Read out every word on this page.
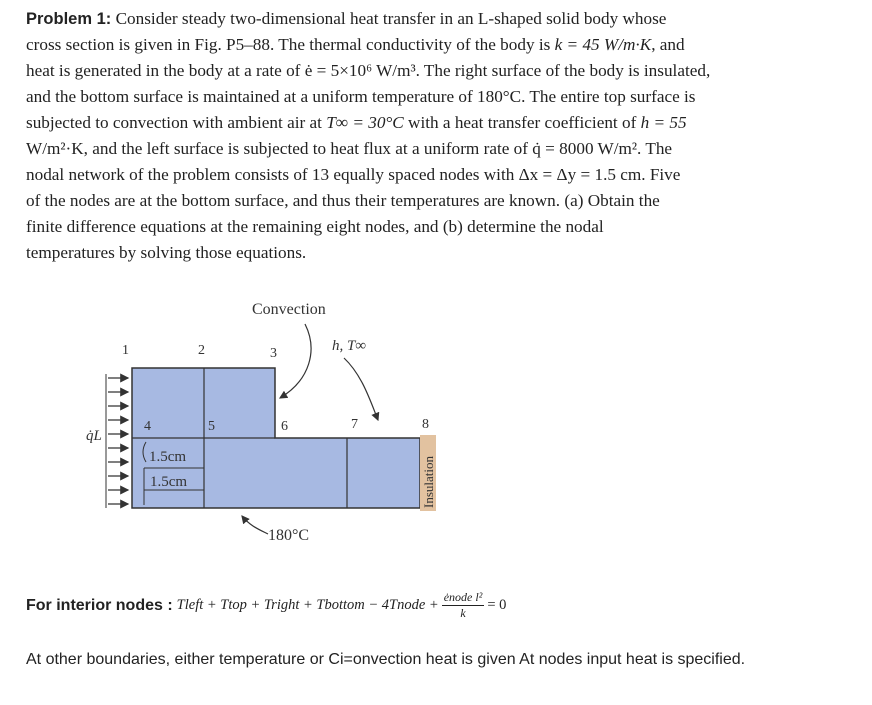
Problem 1: Consider steady two-dimensional heat transfer in an L-shaped solid body whose
cross section is given in Fig. P5–88. The thermal conductivity of the body is k = 45 W/m·K, and
heat is generated in the body at a rate of ė = 5×10⁶ W/m³. The right surface of the body is insulated,
and the bottom surface is maintained at a uniform temperature of 180°C. The entire top surface is
subjected to convection with ambient air at T∞ = 30°C with a heat transfer coefficient of h = 55
W/m²·K, and the left surface is subjected to heat flux at a uniform rate of q̇ = 8000 W/m². The
nodal network of the problem consists of 13 equally spaced nodes with Δx = Δy = 1.5 cm. Five
of the nodes are at the bottom surface, and thus their temperatures are known. (a) Obtain the
finite difference equations at the remaining eight nodes, and (b) determine the nodal
temperatures by solving those equations.
Insulation
Convection
h, T∞
1	2	3
4	5	6	7	8
q̇L
1.5cm
1.5cm
180°C
For interior nodes : Tleft + Ttop + Tright + Tbottom − 4Tnode + $\frac{\text{ėnode l²}}{k} = 0$
At other boundaries, either temperature or Ci=onvection heat is given At nodes input heat is specified.
